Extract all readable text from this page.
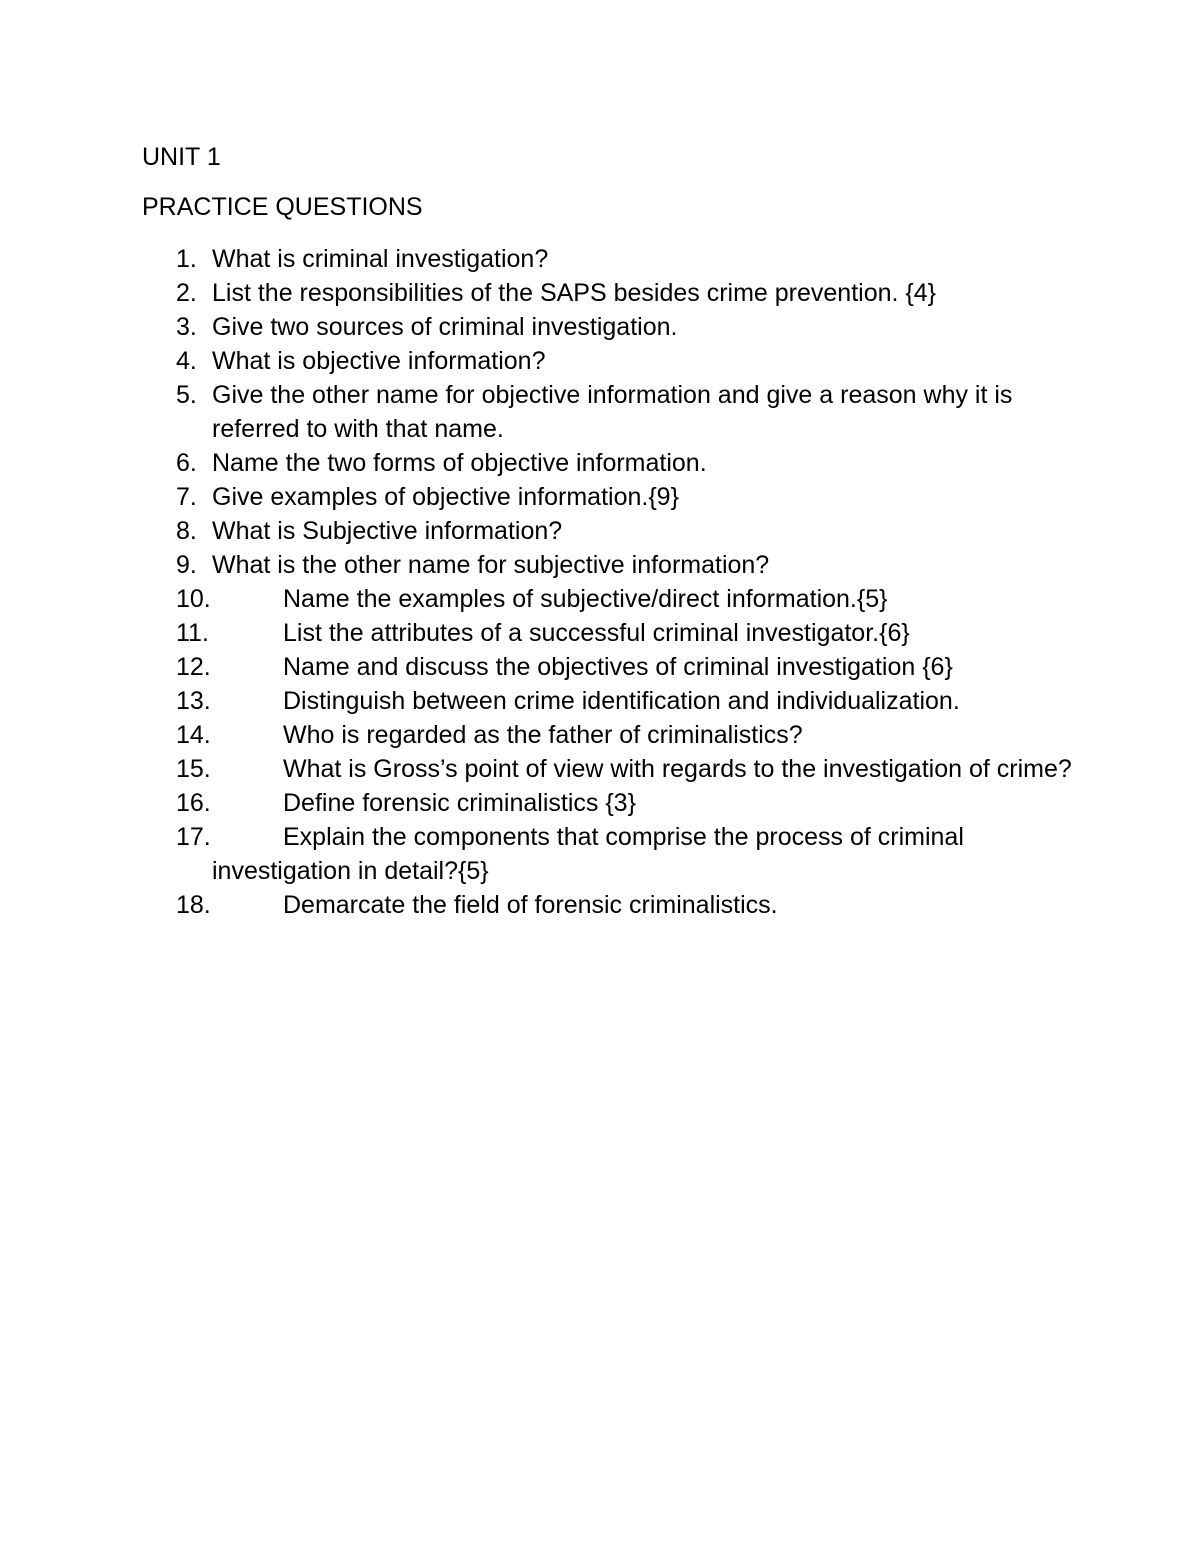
UNIT 1
PRACTICE QUESTIONS
1. What is criminal investigation?
2. List the responsibilities of the SAPS besides crime prevention. {4}
3. Give two sources of criminal investigation.
4. What is objective information?
5. Give the other name for objective information and give a reason why it is referred to with that name.
6. Name the two forms of objective information.
7. Give examples of objective information.{9}
8. What is Subjective information?
9. What is the other name for subjective information?
10.	Name the examples of subjective/direct information.{5}
11.	List the attributes of a successful criminal investigator.{6}
12.	Name and discuss the objectives of criminal investigation {6}
13.	Distinguish between crime identification and individualization.
14.	Who is regarded as the father of criminalistics?
15.	What is Gross’s point of view with regards to the investigation of crime?
16.	Define forensic criminalistics {3}
17.	Explain the components that comprise the process of criminal investigation in detail?{5}
18.	Demarcate the field of forensic criminalistics.
